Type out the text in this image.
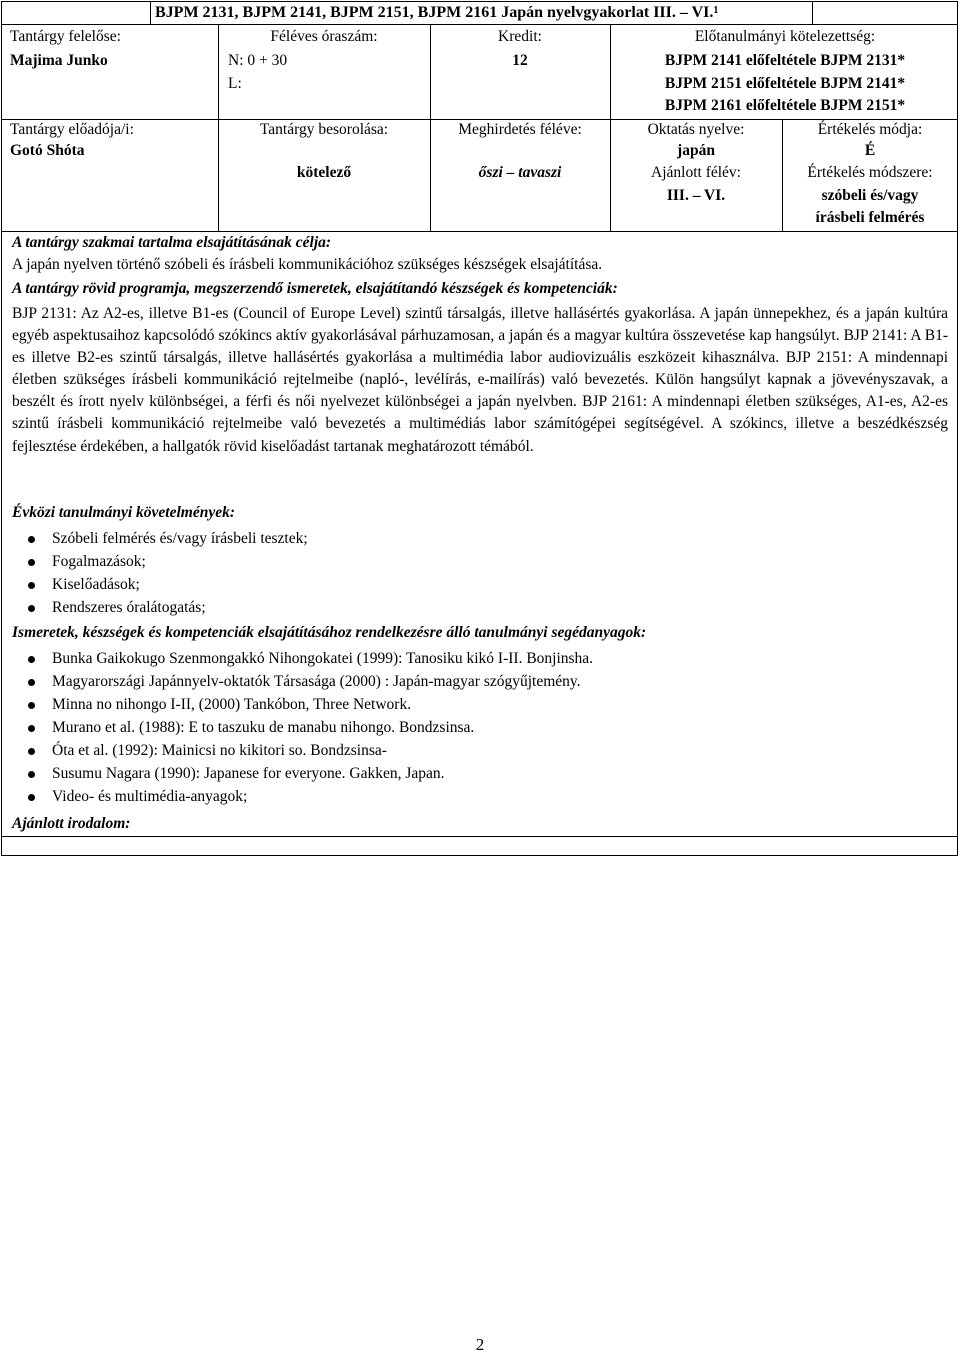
BJPM 2131, BJPM 2141, BJPM 2151, BJPM 2161 Japán nyelvgyakorlat III. – VI.$^1$
Tantárgy felelőse:
Majima Junko
Féléves óraszám:
N: 0 + 30
L:
Kredit:
12
Előtanulmányi kötelezettség:
BJPM 2141 előfeltétele BJPM 2131*
BJPM 2151 előfeltétele BJPM 2141*
BJPM 2161 előfeltétele BJPM 2151*
Tantárgy előadója/i:
Gotó Shóta
Tantárgy besorolása:
kötelező
Meghirdetés féléve:
őszi – tavaszi
Oktatás nyelve:
japán
Ajánlott félév:
III. – VI.
Értékelés módja:
É
Értékelés módszere:
szóbeli és/vagy
írásbeli felmérés
A tantárgy szakmai tartalma elsajátításának célja:
A japán nyelven történő szóbeli és írásbeli kommunikációhoz szükséges készségek elsajátítása.
A tantárgy rövid programja, megszerzendő ismeretek, elsajátítandó készségek és kompetenciák:

BJP 2131: Az A2-es, illetve B1-es (Council of Europe Level) szintű társalgás, illetve hallásértés gyakorlása. A japán ünnepekhez, és a japán kultúra egyéb aspektusaihoz kapcsolódó szókincs aktív gyakorlásával párhuzamosan, a japán és a magyar kultúra összevetése kap hangsúlyt. BJP 2141: A B1-es illetve B2-es szintű társalgás, illetve hallásértés gyakorlása a multimédia labor audiovizuális eszközeit kihasználva. BJP 2151: A mindennapi életben szükséges írásbeli kommunikáció rejtelmeibe (napló-, levélírás, e-mailírás) való bevezetés. Külön hangsúlyt kapnak a jövevényszavak, a beszélt és írott nyelv különbségei, a férfi és női nyelvezet különbségei a japán nyelvben. BJP 2161: A mindennapi életben szükséges, A1-es, A2-es szintű írásbeli kommunikáció rejtelmeibe való bevezetés a multimédiás labor számítógépei segítségével. A szókincs, illetve a beszédkészség fejlesztése érdekében, a hallgatók rövid kiselőadást tartanak meghatározott témából.

Évközi tanulmányi követelmények:
Szóbeli felmérés és/vagy írásbeli tesztek;
Fogalmazások;
Kiselőadások;
Rendszeres óralátogatás;
Ismeretek, készségek és kompetenciák elsajátításához rendelkezésre álló tanulmányi segédanyagok:
Bunka Gaikokugo Szenmongakkó Nihongokatei (1999): Tanosiku kikó I-II. Bonjinsha.
Magyarországi Japánnyelv-oktatók Társasága (2000) : Japán-magyar szógyűjtemény.
Minna no nihongo I-II, (2000) Tankóbon, Three Network.
Murano et al. (1988): E to taszuku de manabu nihongo. Bondzsinsa.
Óta et al. (1992): Mainicsi no kikitori so. Bondzsinsa-
Susumu Nagara (1990): Japanese for everyone. Gakken, Japan.
Video- és multimédia-anyagok;
Ajánlott irodalom:
2
